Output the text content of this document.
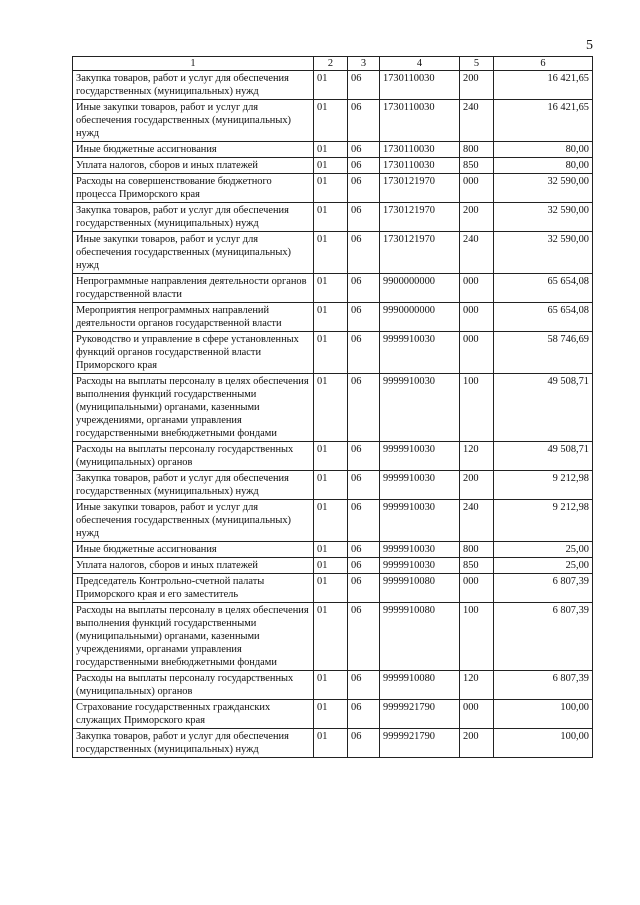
5
1	2	3	4	5	6
Закупка товаров, работ и услуг для обеспечения государственных (муниципальных) нужд	01	06	1730110030	200	16 421,65
Иные закупки товаров, работ и услуг для обеспечения государственных (муниципальных) нужд	01	06	1730110030	240	16 421,65
Иные бюджетные ассигнования	01	06	1730110030	800	80,00
Уплата налогов, сборов и иных платежей	01	06	1730110030	850	80,00
Расходы на совершенствование бюджетного процесса Приморского края	01	06	1730121970	000	32 590,00
Закупка товаров, работ и услуг для обеспечения государственных (муниципальных) нужд	01	06	1730121970	200	32 590,00
Иные закупки товаров, работ и услуг для обеспечения государственных (муниципальных) нужд	01	06	1730121970	240	32 590,00
Непрограммные направления деятельности органов государственной власти	01	06	9900000000	000	65 654,08
Мероприятия непрограммных направлений деятельности органов государственной власти	01	06	9990000000	000	65 654,08
Руководство и управление в сфере установленных функций органов государственной власти Приморского края	01	06	9999910030	000	58 746,69
Расходы на выплаты персоналу в целях обеспечения выполнения функций государственными (муниципальными) органами, казенными учреждениями, органами управления государственными внебюджетными фондами	01	06	9999910030	100	49 508,71
Расходы на выплаты персоналу государственных (муниципальных) органов	01	06	9999910030	120	49 508,71
Закупка товаров, работ и услуг для обеспечения государственных (муниципальных) нужд	01	06	9999910030	200	9 212,98
Иные закупки товаров, работ и услуг для обеспечения государственных (муниципальных) нужд	01	06	9999910030	240	9 212,98
Иные бюджетные ассигнования	01	06	9999910030	800	25,00
Уплата налогов, сборов и иных платежей	01	06	9999910030	850	25,00
Председатель Контрольно-счетной палаты Приморского края и его заместитель	01	06	9999910080	000	6 807,39
Расходы на выплаты персоналу в целях обеспечения выполнения функций государственными (муниципальными) органами, казенными учреждениями, органами управления государственными внебюджетными фондами	01	06	9999910080	100	6 807,39
Расходы на выплаты персоналу государственных (муниципальных) органов	01	06	9999910080	120	6 807,39
Страхование государственных гражданских служащих Приморского края	01	06	9999921790	000	100,00
Закупка товаров, работ и услуг для обеспечения государственных (муниципальных) нужд	01	06	9999921790	200	100,00
